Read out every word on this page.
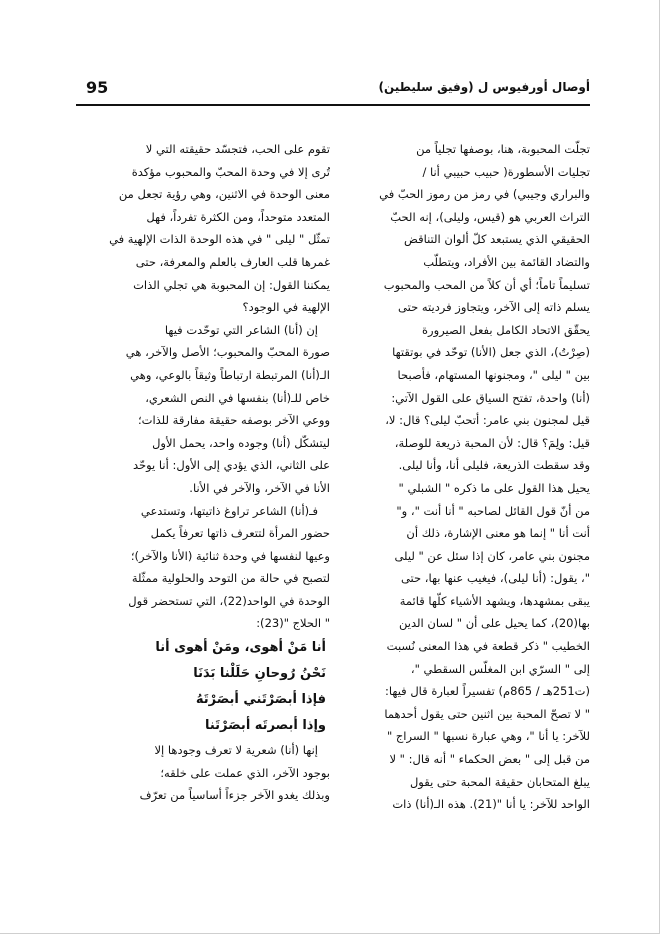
95	أوصال أورفيوس ل (وفيق سليطين)

تجلّت المحبوبة، هنا، بوصفها تجلياً من

تجليات الأسطورة( حبيب حبيبي أنا /

والبراري وجيبي) في رمز من رموز الحبّ في

التراث العربي هو (قيس، وليلى)، إنه الحبّ

الحقيقي الذي يستبعد كلّ ألوان التناقض

والتضاد القائمة بين الأفراد، ويتطلّب

تسليماً تاماً؛ أي أن كلاً من المحب والمحبوب

يسلم ذاته إلى الآخر، ويتجاوز فرديته حتى

يحقّق الاتحاد الكامل بفعل الصيرورة

(صِرْتُ)، الذي جعل (الأنا) توحّد في بوتقتها

بين " ليلى "، ومجنونها المستهام، فأصبحا

(أنا) واحدة، تفتح السياق على القول الآتي:

قيل لمجنون بني عامر: أتحبّ ليلى؟ قال: لا،

قيل: ولِمَ؟ قال: لأن المحبة ذريعة للوصلة،

وقد سقطت الذريعة، فليلى أنا، وأنا ليلى.

يحيل هذا القول على ما ذكره " الشبلي "

من أنّ قول القائل لصاحبه " أنا أنت "، و"

أنت أنا " إنما هو معنى الإشارة، ذلك أن

مجنون بني عامر، كان إذا سئل عن " ليلى

"، يقول: (أنا ليلى)، فيغيب عنها بها، حتى

يبقى بمشهدها، ويشهد الأشياء كلّها قائمة

بها(20)، كما يحيل على أن " لسان الدين

الخطيب " ذكر قطعة في هذا المعنى نُسبت

إلى " السرّي ابن المغلّس السقطي "،

(ت251هـ / 865م) تفسيراً لعبارة قال فيها:

" لا تصحّ المحبة بين اثنين حتى يقول أحدهما

للآخر: يا أنا "، وهي عبارة نسبها " السراج "

من قبل إلى " بعض الحكماء " أنه قال: " لا

يبلغ المتحابان حقيقة المحبة حتى يقول

الواحد للآخر: يا أنا "(21). هذه الـ(أنا) ذات

تقوم على الحب، فتجسّد حقيقته التي لا

تُرى إلا في وحدة المحبّ والمحبوب مؤكدة

معنى الوحدة في الاثنين، وهي رؤية تجعل من

المتعدد متوحداً، ومن الكثرة تفرداً، فهل

تمثّل " ليلى " في هذه الوحدة الذات الإلهية في

غمرها قلب العارف بالعلم والمعرفة، حتى

يمكننا القول: إن المحبوبة هي تجلي الذات

الإلهية في الوجود؟

إن (أنا) الشاعر التي توحّدت فيها

صورة المحبّ والمحبوب؛ الأصل والآخر، هي

الـ(أنا) المرتبطة ارتباطاً وثيقاً بالوعي، وهي

خاص للـ(أنا) بنفسها في النص الشعري،

ووعي الآخر بوصفه حقيقة مفارقة للذات؛

ليتشكّل (أنا) وجوده واحد، يحمل الأول

على الثاني، الذي يؤدي إلى الأول: أنا يوحّد

الأنا في الآخر، والآخر في الأنا.

فـ(أنا) الشاعر تراوغ ذاتيتها، وتستدعي

حضور المرأة لتتعرف ذاتها تعرفاً يكمل

وعيها لنفسها في وحدة ثنائية (الأنا والآخر)؛

لتصبح في حالة من التوحد والحلولية ممثّلة

الوحدة في الواحد(22)، التي تستحضر قول

" الحلاج "(23):

أنا مَنْ أهوى، ومَنْ أهوى أنا

نَحْنُ رُوحانِ حَلَلْنا بَدَنَا

فإذا أبصَرْتَني أبصَرْتَهُ

وإذا أبصرتَه أبصَرْتَنا

إنها (أنا) شعرية لا تعرف وجودها إلا

بوجود الآخر، الذي عملت على خلقه؛

وبذلك يغدو الآخر جزءاً أساسياً من تعرّف
